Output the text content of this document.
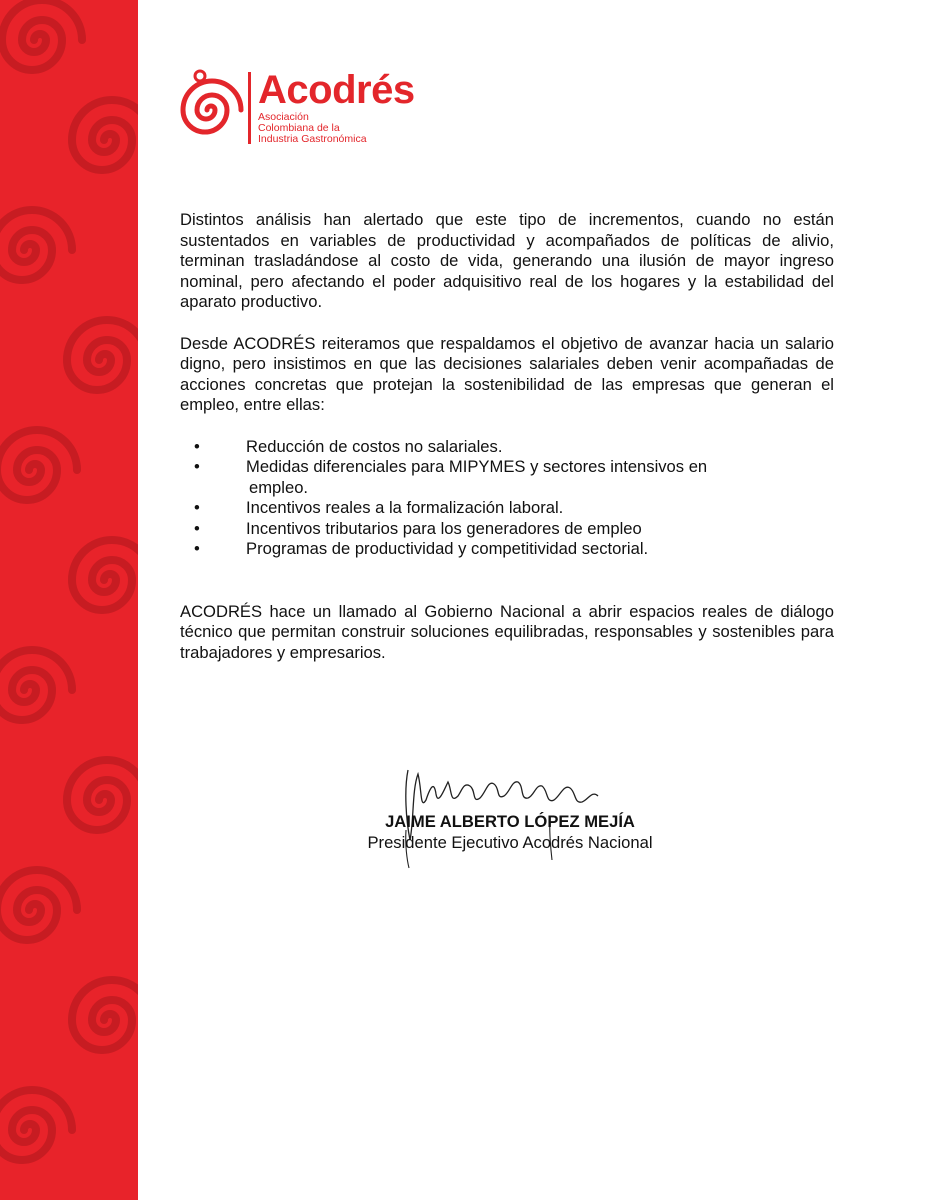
Acodrés
Asociación
Colombiana de la
Industria Gastronómica

Distintos análisis han alertado que este tipo de incrementos, cuando no están sustentados en variables de productividad y acompañados de políticas de alivio, terminan trasladándose al costo de vida, generando una ilusión de mayor ingreso nominal, pero afectando el poder adquisitivo real de los hogares y la estabilidad del aparato productivo.

Desde ACODRÉS reiteramos que respaldamos el objetivo de avanzar hacia un salario digno, pero insistimos en que las decisiones salariales deben venir acompañadas de acciones concretas que protejan la sostenibilidad de las empresas que generan el empleo, entre ellas:

•	Reducción de costos no salariales.
•	Medidas diferenciales para MIPYMES y sectores intensivos en
empleo.
•	Incentivos reales a la formalización laboral.
•	Incentivos tributarios para los generadores de empleo
•	Programas de productividad y competitividad sectorial.

ACODRÉS hace un llamado al Gobierno Nacional a abrir espacios reales de diálogo técnico que permitan construir soluciones equilibradas, responsables y sostenibles para trabajadores y empresarios.

JAIME ALBERTO LÓPEZ MEJÍA
Presidente Ejecutivo Acodrés Nacional
